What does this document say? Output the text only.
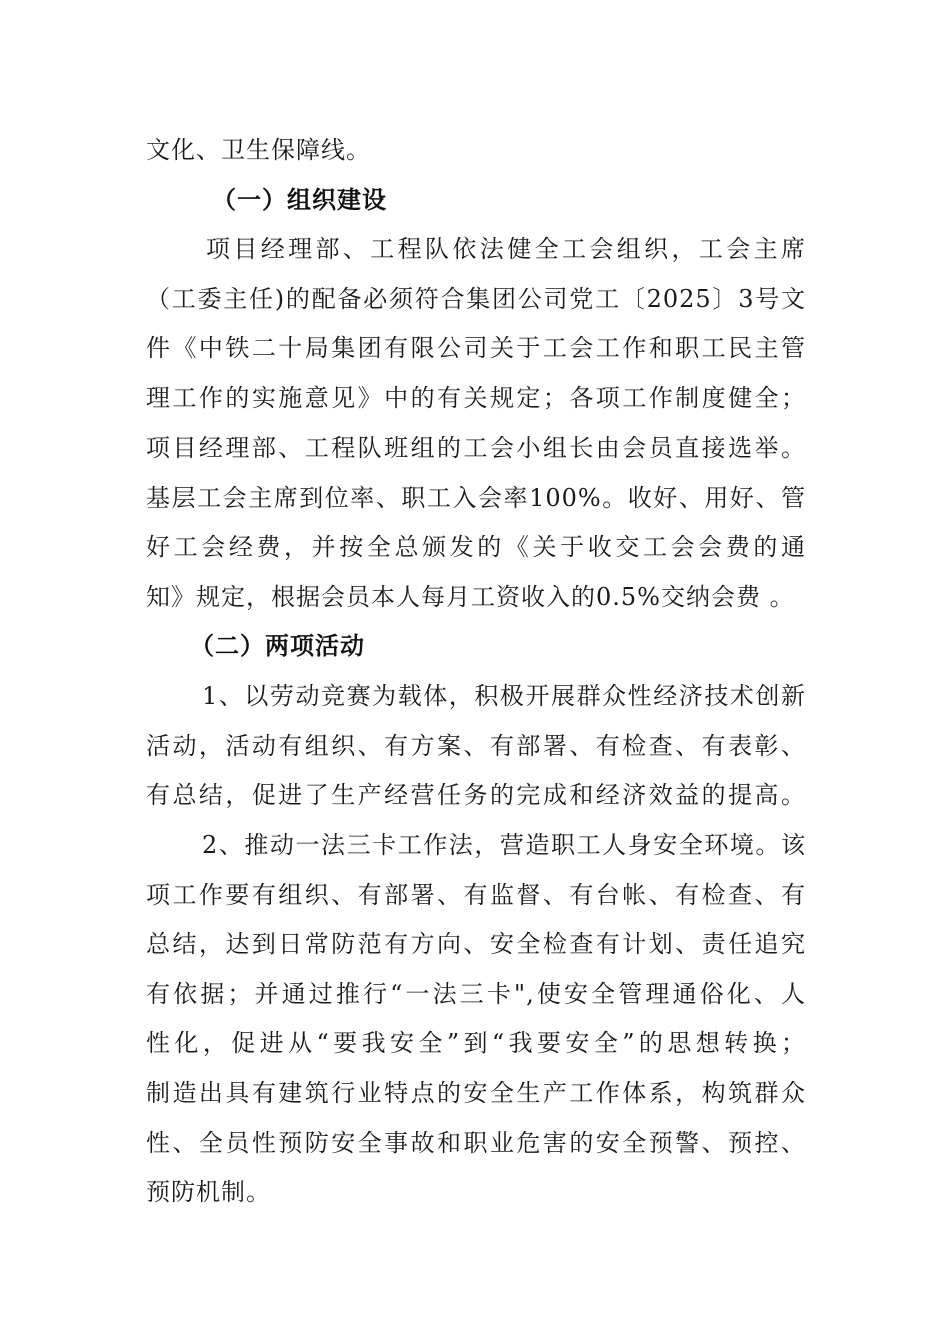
文化、卫生保障线。
（一）组织建设
项目经理部、工程队依法健全工会组织，工会主席
（工委主任)的配备必须符合集团公司党工〔2025〕3号文
件《中铁二十局集团有限公司关于工会工作和职工民主管
理工作的实施意见》中的有关规定；各项工作制度健全；
项目经理部、工程队班组的工会小组长由会员直接选举。
基层工会主席到位率、职工入会率100%。收好、用好、管
好工会经费，并按全总颁发的《关于收交工会会费的通
知》规定，根据会员本人每月工资收入的0.5%交纳会费 。
（二）两项活动
1、以劳动竞赛为载体，积极开展群众性经济技术创新
活动，活动有组织、有方案、有部署、有检查、有表彰、
有总结，促进了生产经营任务的完成和经济效益的提高。
2、推动一法三卡工作法，营造职工人身安全环境。该
项工作要有组织、有部署、有监督、有台帐、有检查、有
总结，达到日常防范有方向、安全检查有计划、责任追究
有依据；并通过推行“一法三卡",使安全管理通俗化、人
性化，促进从“要我安全”到“我要安全”的思想转换；
制造出具有建筑行业特点的安全生产工作体系，构筑群众
性、全员性预防安全事故和职业危害的安全预警、预控、
预防机制。
